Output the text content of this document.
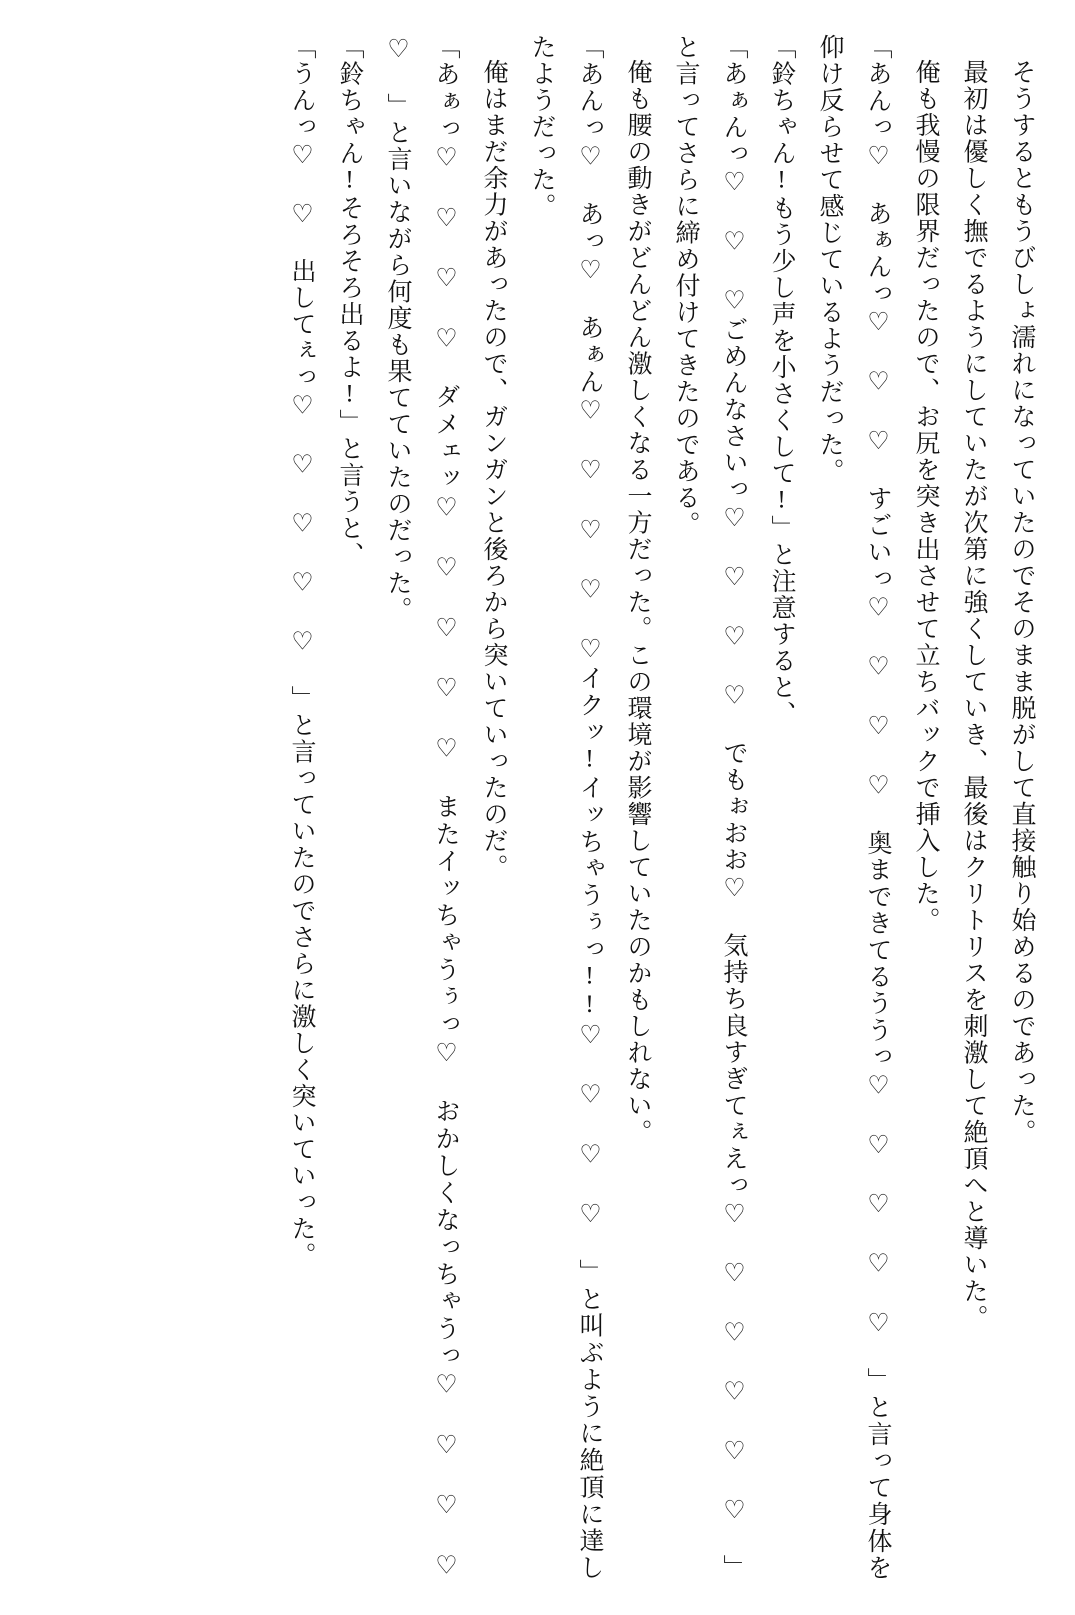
そうするともうびしょ濡れになっていたのでそのまま脱がして直接触り始めるのであった。

最初は優しく撫でるようにしていたが次第に強くしていき、最後はクリトリスを刺激して絶頂へと導いた。

俺も我慢の限界だったので、お尻を突き出させて立ちバックで挿入した。

「あんっ♡ あぁんっ♡ ♡ ♡ すごいっ♡ ♡ ♡ ♡ 奥まできてるううっ♡ ♡ ♡ ♡ ♡ 」と言って身体を仰け反らせて感じているようだった。

「鈴ちゃん!もう少し声を小さくして!」と注意すると、

「あぁんっ♡ ♡ ♡ごめんなさいっ♡ ♡ ♡ ♡ でもぉおお♡ 気持ち良すぎてぇえっ♡ ♡ ♡ ♡ ♡ ♡ 」と言ってさらに締め付けてきたのである。

俺も腰の動きがどんどん激しくなる一方だった。この環境が影響していたのかもしれない。

「あんっ♡ あっ♡ あぁん♡ ♡ ♡ ♡ ♡イクッ!イッちゃうぅっ!!♡ ♡ ♡ ♡ 」と叫ぶように絶頂に達したようだった。

俺はまだ余力があったので、ガンガンと後ろから突いていったのだ。

「あぁっ♡ ♡ ♡ ♡ ダメェッ♡ ♡ ♡ ♡ ♡ またイッちゃうぅっ♡ おかしくなっちゃうっ♡ ♡ ♡ ♡ ♡ 」と言いながら何度も果てていたのだった。

「鈴ちゃん!そろそろ出るよ!」と言うと、

「うんっ♡ ♡ 出してぇっ♡ ♡ ♡ ♡ ♡ 」と言っていたのでさらに激しく突いていった。
